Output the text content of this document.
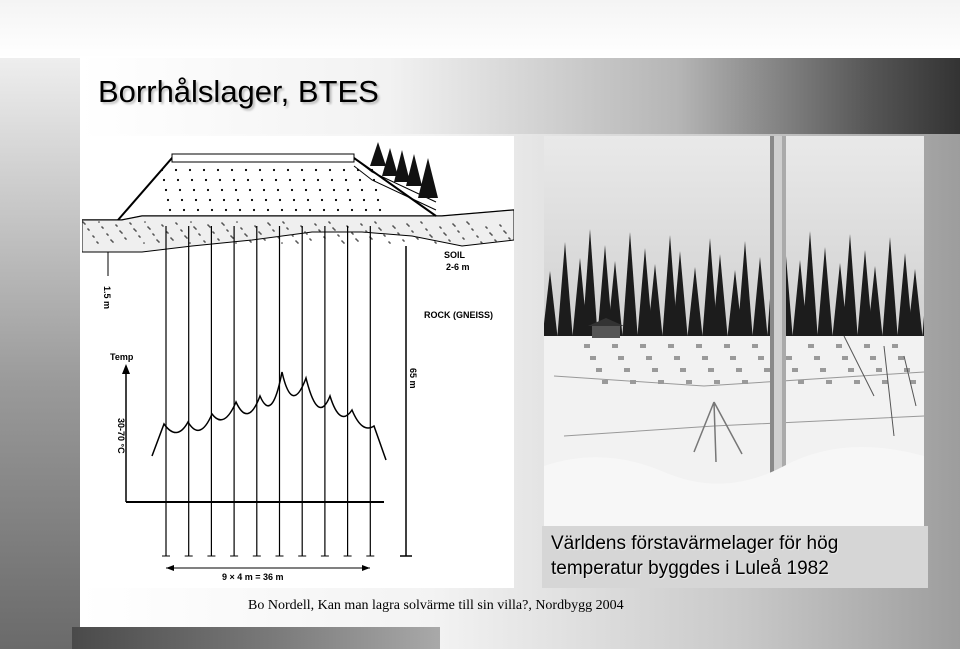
Borrhålslager, BTES
1.5 m
SOIL
2-6 m
ROCK (GNEISS)
Temp
30-70 °C
65 m
9 × 4 m = 36 m
Världens förstavärmelager för hög
temperatur byggdes i Luleå 1982
Bo Nordell, Kan man lagra solvärme till sin villa?, Nordbygg 2004
